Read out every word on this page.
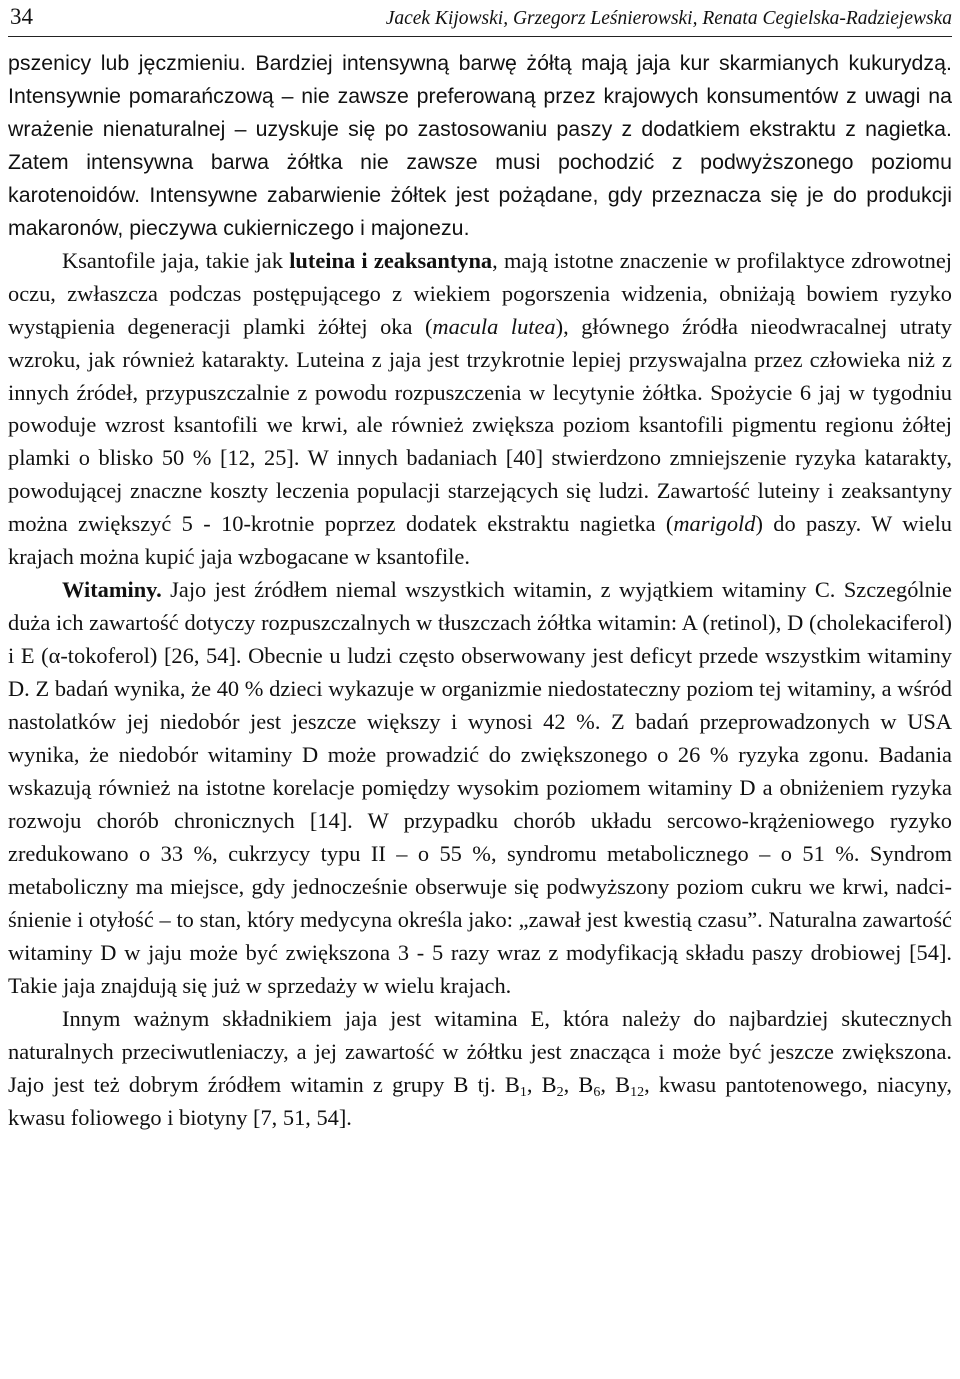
34	Jacek Kijowski, Grzegorz Leśnierowski, Renata Cegielska-Radziejewska

pszenicy lub jęczmieniu. Bardziej intensywną barwę żółtą mają jaja kur skarmianych kukurydzą. Intensywnie pomarańczową – nie zawsze preferowaną przez krajowych konsumentów z uwagi na wrażenie nienaturalnej – uzyskuje się po zastosowaniu paszy z dodatkiem ekstraktu z nagietka. Zatem intensywna barwa żółtka nie zawsze musi pochodzić z podwyższonego poziomu karotenoidów. Intensywne zabarwienie żółtek jest pożądane, gdy przeznacza się je do produkcji makaronów, pieczywa cukierniczego i majonezu.

Ksantofile jaja, takie jak luteina i zeaksantyna, mają istotne znaczenie w profilaktyce zdrowotnej oczu, zwłaszcza podczas postępującego z wiekiem pogorszenia widzenia, obniżają bowiem ryzyko wystąpienia degeneracji plamki żółtej oka (macula lutea), głównego źródła nieodwracalnej utraty wzroku, jak również katarakty. Luteina z jaja jest trzykrotnie lepiej przyswajalna przez człowieka niż z innych źródeł, przypuszczalnie z powodu rozpuszczenia w lecytynie żółtka. Spożycie 6 jaj w tygodniu powoduje wzrost ksantofili we krwi, ale również zwiększa poziom ksantofili pigmentu regionu żółtej plamki o blisko 50 % [12, 25]. W innych badaniach [40] stwierdzono zmniejszenie ryzyka katarakty, powodującej znaczne koszty leczenia populacji starzejących się ludzi. Zawartość luteiny i zeaksantyny można zwiększyć 5 - 10-krotnie poprzez dodatek ekstraktu nagietka (marigold) do paszy. W wielu krajach można kupić jaja wzbogacane w ksantofile.

Witaminy. Jajo jest źródłem niemal wszystkich witamin, z wyjątkiem witaminy C. Szczególnie duża ich zawartość dotyczy rozpuszczalnych w tłuszczach żółtka witamin: A (retinol), D (cholekaciferol) i E (α-tokoferol) [26, 54]. Obecnie u ludzi często obserwowany jest deficyt przede wszystkim witaminy D. Z badań wynika, że 40 % dzieci wykazuje w organizmie niedostateczny poziom tej witaminy, a wśród nastolatków jej niedobór jest jeszcze większy i wynosi 42 %. Z badań przeprowadzonych w USA wynika, że niedobór witaminy D może prowadzić do zwiększonego o 26 % ryzyka zgonu. Badania wskazują również na istotne korelacje pomiędzy wysokim poziomem witaminy D a obniżeniem ryzyka rozwoju chorób chronicznych [14]. W przypadku chorób układu sercowo-krążeniowego ryzyko zredukowano o 33 %, cukrzycy typu II – o 55 %, syndromu metabolicznego – o 51 %. Syndrom metaboliczny ma miejsce, gdy jednocześnie obserwuje się podwyższony poziom cukru we krwi, nadciśnienie i otyłość – to stan, który medycyna określa jako: „zawał jest kwestią czasu”. Naturalna zawartość witaminy D w jaju może być zwiększona 3 - 5 razy wraz z modyfikacją składu paszy drobiowej [54]. Takie jaja znajdują się już w sprzedaży w wielu krajach.

Innym ważnym składnikiem jaja jest witamina E, która należy do najbardziej skutecznych naturalnych przeciwutleniaczy, a jej zawartość w żółtku jest znacząca i może być jeszcze zwiększona. Jajo jest też dobrym źródłem witamin z grupy B tj. $B_1$, $B_2$, $B_6$, $B_{12}$, kwasu pantotenowego, niacyny, kwasu foliowego i biotyny [7, 51, 54].
